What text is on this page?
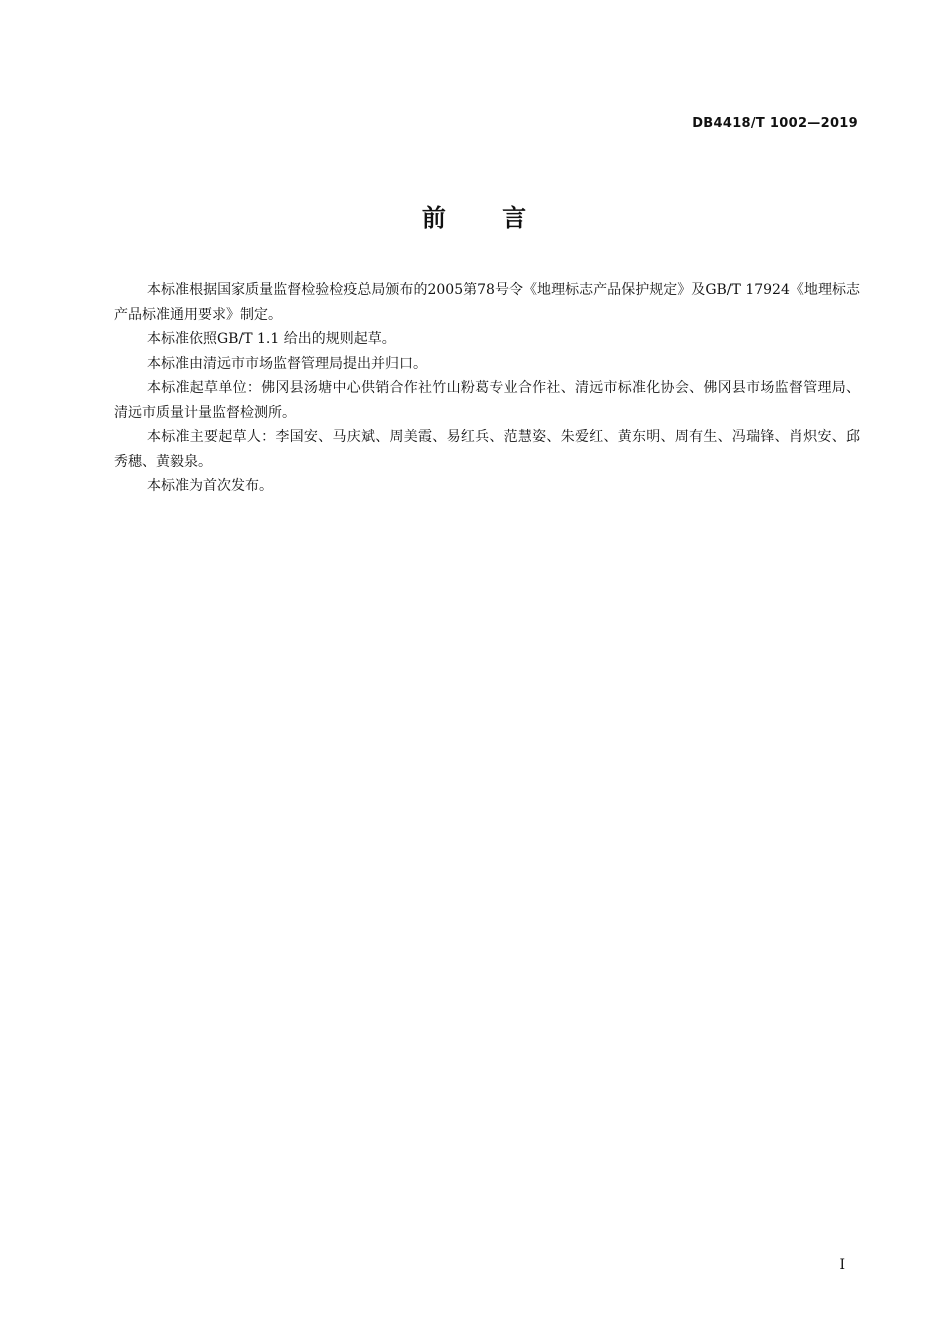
DB4418/T 1002—2019
前 言

本标准根据国家质量监督检验检疫总局颁布的2005第78号令《地理标志产品保护规定》及GB/T 17924《地理标志产品标准通用要求》制定。

本标准依照GB/T 1.1 给出的规则起草。

本标准由清远市市场监督管理局提出并归口。

本标准起草单位：佛冈县汤塘中心供销合作社竹山粉葛专业合作社、清远市标准化协会、佛冈县市场监督管理局、清远市质量计量监督检测所。

本标准主要起草人：李国安、马庆斌、周美霞、易红兵、范慧姿、朱爱红、黄东明、周有生、冯瑞锋、肖炽安、邱秀穗、黄毅泉。

本标准为首次发布。

I
